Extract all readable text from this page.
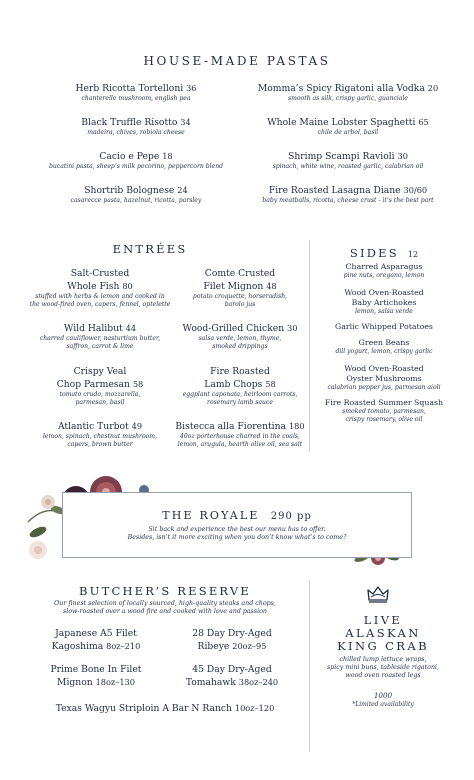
HOUSE-MADE PASTAS
Herb Ricotta Tortelloni 36
chanterelle mushroom, english pea
Black Truffle Risotto 34
madeira, chives, robiola cheese
Cacio e Pepe 18
bucatini pasta, sheep’s milk pecorino, peppercorn blend
Shortrib Bolognese 24
casarecce pasta, hazelnut, ricotta, parsley
Momma’s Spicy Rigatoni alla Vodka 20
smooth as silk, crispy garlic, guanciale
Whole Maine Lobster Spaghetti 65
chile de arbol, basil
Shrimp Scampi Ravioli 30
spinach, white wine, roasted garlic, calabrian oil
Fire Roasted Lasagna Diane 30/60
baby meatballs, ricotta, cheese crust - it’s the best part
ENTRÉES
Salt-Crusted
Whole Fish 80
stuffed with herbs & lemon and cooked in
the wood-fired oven, capers, fennel, optelette
Wild Halibut 44
charred cauliflower, nasturtium butter,
saffron, carrot & lime
Crispy Veal
Chop Parmesan 58
tomato crudo, mozzarella,
parmesan, basil
Atlantic Turbot 49
lemon, spinach, chestnut mushroom,
capers, brown butter
Comte Crusted
Filet Mignon 48
potato croquette, horseradish,
barolo jus
Wood-Grilled Chicken 30
salsa verde, lemon, thyme,
smoked drippings
Fire Roasted
Lamb Chops 58
eggplant caponata, heirloom carrots,
rosemary lamb sauce
Bistecca alla Fiorentina 180
40oz porterhouse charred in the coals,
lemon, arugula, hearth olive oil, sea salt
SIDES 12
Charred Asparagus
pine nuts, oregano, lemon
Wood Oven-Roasted
Baby Artichokes
lemon, salsa verde
Garlic Whipped Potatoes
Green Beans
dill yogurt, lemon, crispy garlic
Wood Oven-Roasted
Oyster Mushrooms
calabrian pepper jus, parmesan aioli
Fire Roasted Summer Squash
smoked tomato, parmesan,
crispy rosemary, olive oil
THE ROYALE 290 pp
Sit back and experience the best our menu has to offer.
Besides, isn’t it more exciting when you don’t know what’s to come?
BUTCHER’S RESERVE
Our finest selection of locally sourced, high-quality steaks and chops,
slow-roasted over a wood fire and cooked with love and passion
Japanese A5 Filet
Kagoshima 8oz–210
28 Day Dry-Aged
Ribeye 20oz–95
Prime Bone In Filet
Mignon 18oz–130
45 Day Dry-Aged
Tomahawk 38oz–240
Texas Wagyu Striploin A Bar N Ranch 10oz–120
LIVE
ALASKAN
KING CRAB
chilled lump lettuce wraps,
spicy mini buns, tableside rigatoni,
wood oven roasted legs
1000
*Limited availability
